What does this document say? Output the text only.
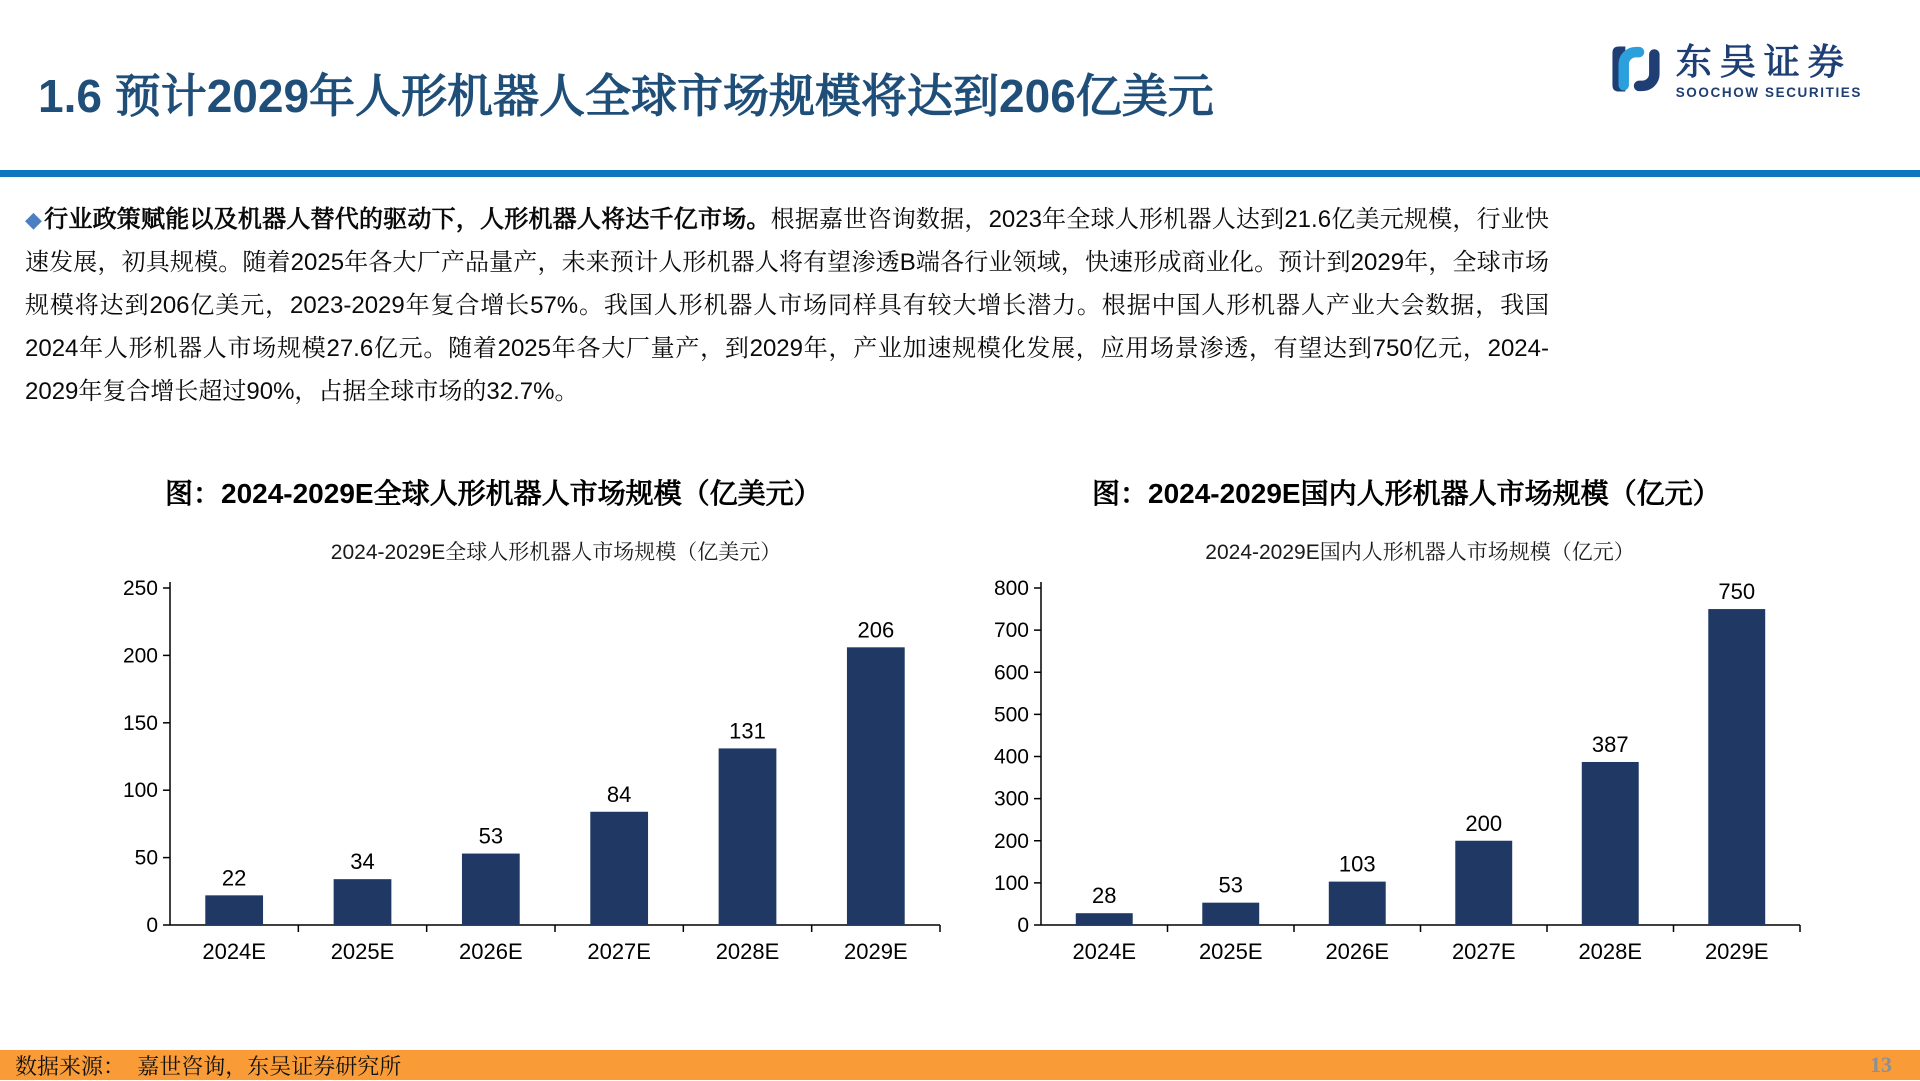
1.6 预计2029年人形机器人全球市场规模将达到206亿美元
东吴证券
SOOCHOW SECURITIES
◆行业政策赋能以及机器人替代的驱动下，人形机器人将达千亿市场。根据嘉世咨询数据，2023年全球人形机器人达到21.6亿美元规模，行业快速发展，初具规模。随着2025年各大厂产品量产，未来预计人形机器人将有望渗透B端各行业领域，快速形成商业化。预计到2029年，全球市场规模将达到206亿美元，2023-2029年复合增长57%。我国人形机器人市场同样具有较大增长潜力。根据中国人形机器人产业大会数据，我国2024年人形机器人市场规模27.6亿元。随着2025年各大厂量产，到2029年，产业加速规模化发展，应用场景渗透，有望达到750亿元，2024-2029年复合增长超过90%，占据全球市场的32.7%。
图：2024-2029E全球人形机器人市场规模（亿美元）	图：2024-2029E国内人形机器人市场规模（亿元）
2024-2029E全球人形机器人市场规模（亿美元）	2024-2029E国内人形机器人市场规模（亿元）
0
50
100
150
200
250
22
2024E
34
2025E
53
2026E
84
2027E
131
2028E
206
2029E
0
100
200
300
400
500
600
700
800
28
2024E
53
2025E
103
2026E
200
2027E
387
2028E
750
2029E
数据来源：  嘉世咨询，东吴证券研究所	13
